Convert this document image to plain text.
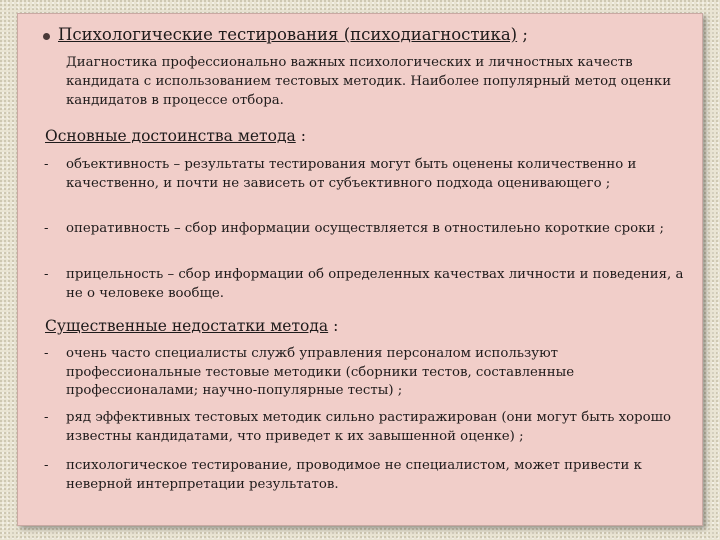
Психологические тестирования (психодиагностика) ;
Диагностика профессионально важных психологических и личностных качеств кандидата с использованием тестовых методик. Наиболее популярный метод оценки кандидатов в процессе отбора.
Основные достоинства метода :
-	объективность – результаты тестирования могут быть оценены количественно и качественно, и почти не зависеть от субъективного подхода оценивающего ;
-	оперативность – сбор информации осуществляется в отностилеьно короткие сроки ;
-	прицельность – сбор информации об определенных качествах личности и поведения, а не о человеке вообще.
Существенные недостатки метода :
-	очень часто специалисты служб управления персоналом используют профессиональные тестовые методики (сборники тестов, составленные профессионалами; научно-популярные тесты) ;
-	ряд эффективных тестовых методик сильно растиражирован (они могут быть хорошо известны кандидатами, что приведет к их завышенной оценке) ;
-	психологическое тестирование, проводимое не специалистом, может привести к неверной интерпретации результатов.
